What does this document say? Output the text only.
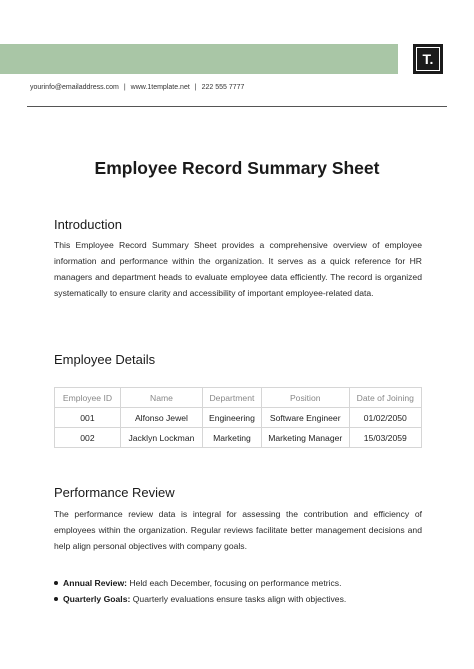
T.
yourinfo@emailaddress.com | www.1template.net | 222 555 7777
Employee Record Summary Sheet
Introduction
This Employee Record Summary Sheet provides a comprehensive overview of employee information and performance within the organization. It serves as a quick reference for HR managers and department heads to evaluate employee data efficiently. The record is organized systematically to ensure clarity and accessibility of important employee-related data.
Employee Details
Employee ID	Name	Department	Position	Date of Joining
001	Alfonso Jewel	Engineering	Software Engineer	01/02/2050
002	Jacklyn Lockman	Marketing	Marketing Manager	15/03/2059
Performance Review
The performance review data is integral for assessing the contribution and efficiency of employees within the organization. Regular reviews facilitate better management decisions and help align personal objectives with company goals.
Annual Review: Held each December, focusing on performance metrics.
Quarterly Goals: Quarterly evaluations ensure tasks align with objectives.
